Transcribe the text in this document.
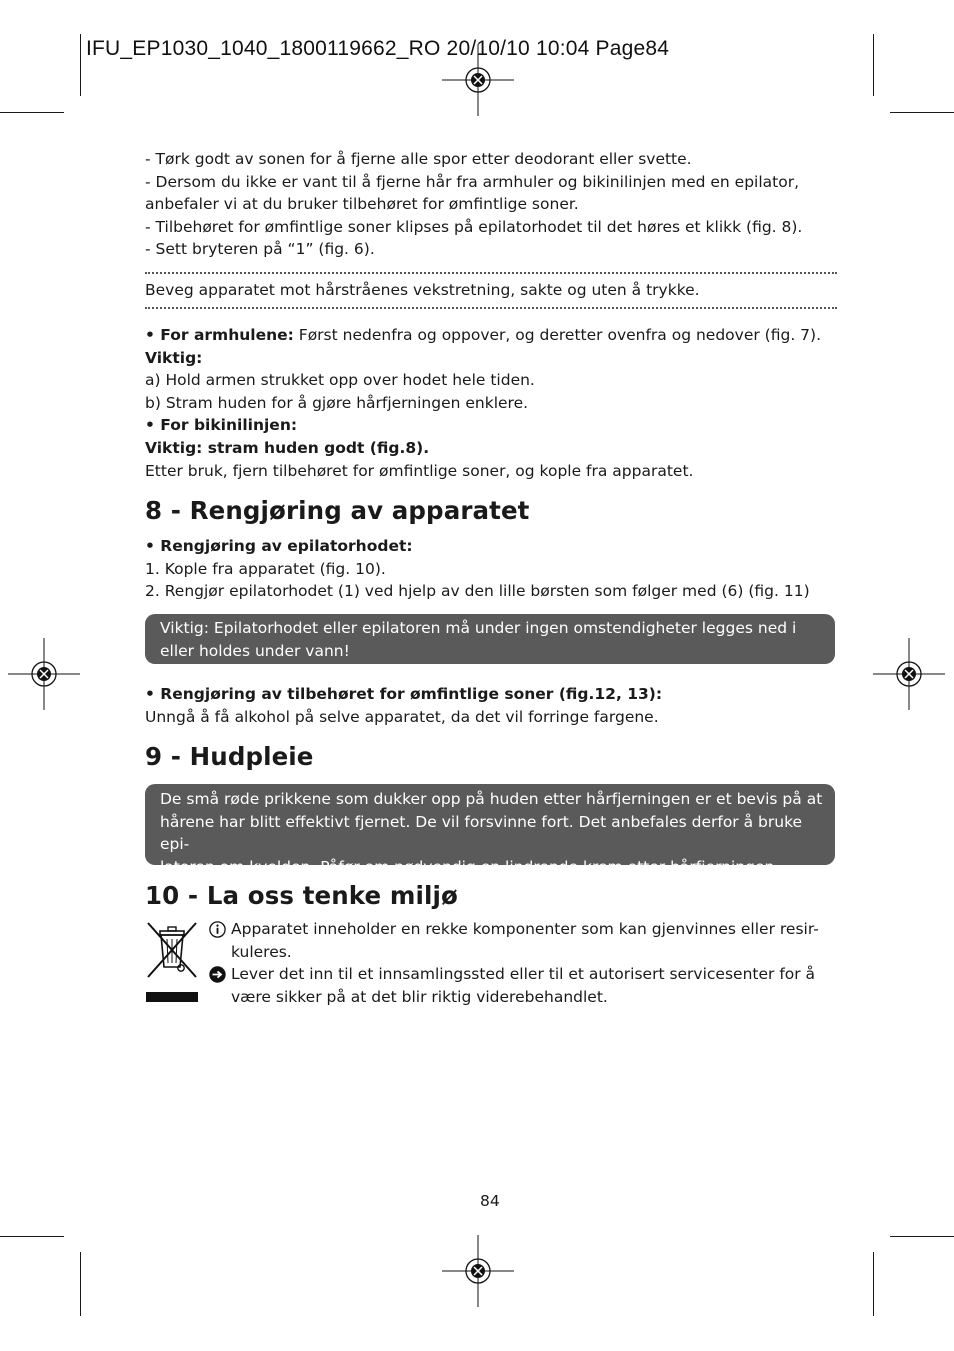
IFU_EP1030_1040_1800119662_RO 20/10/10 10:04 Page84

- Tørk godt av sonen for å fjerne alle spor etter deodorant eller svette.

- Dersom du ikke er vant til å fjerne hår fra armhuler og bikinilinjen med en epilator,

anbefaler vi at du bruker tilbehøret for ømfintlige soner.

- Tilbehøret for ømfintlige soner klipses på epilatorhodet til det høres et klikk (fig. 8).

- Sett bryteren på “1” (fig. 6).

Beveg apparatet mot hårstråenes vekstretning, sakte og uten å trykke.

• For armhulene: Først nedenfra og oppover, og deretter ovenfra og nedover (fig. 7).

Viktig:

a) Hold armen strukket opp over hodet hele tiden.

b) Stram huden for å gjøre hårfjerningen enklere.

• For bikinilinjen:

Viktig: stram huden godt (fig.8).

Etter bruk, fjern tilbehøret for ømfintlige soner, og kople fra apparatet.

8 - Rengjøring av apparatet

• Rengjøring av epilatorhodet:

1. Kople fra apparatet (fig. 10).

2. Rengjør epilatorhodet (1) ved hjelp av den lille børsten som følger med (6) (fig. 11)

Viktig: Epilatorhodet eller epilatoren må under ingen omstendigheter legges ned i
eller holdes under vann!

• Rengjøring av tilbehøret for ømfintlige soner (fig.12, 13):

Unngå å få alkohol på selve apparatet, da det vil forringe fargene.

9 - Hudpleie
De små røde prikkene som dukker opp på huden etter hårfjerningen er et bevis på at
hårene har blitt effektivt fjernet. De vil forsvinne fort. Det anbefales derfor å bruke epi-
latoren om kvelden. Påfør om nødvendig en lindrende krem etter hårfjerningen.
10 - La oss tenke miljø
Apparatet inneholder en rekke komponenter som kan gjenvinnes eller resir-
kuleres.
Lever det inn til et innsamlingssted eller til et autorisert servicesenter for å
være sikker på at det blir riktig viderebehandlet.
84
